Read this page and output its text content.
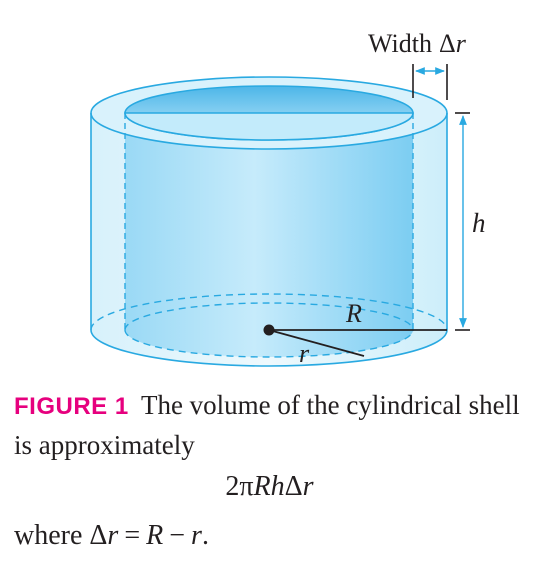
Width Δr
h
R
r
FIGURE 1 The volume of the cylindrical shell is approximately
2πRhΔr
where Δr = R − r.
